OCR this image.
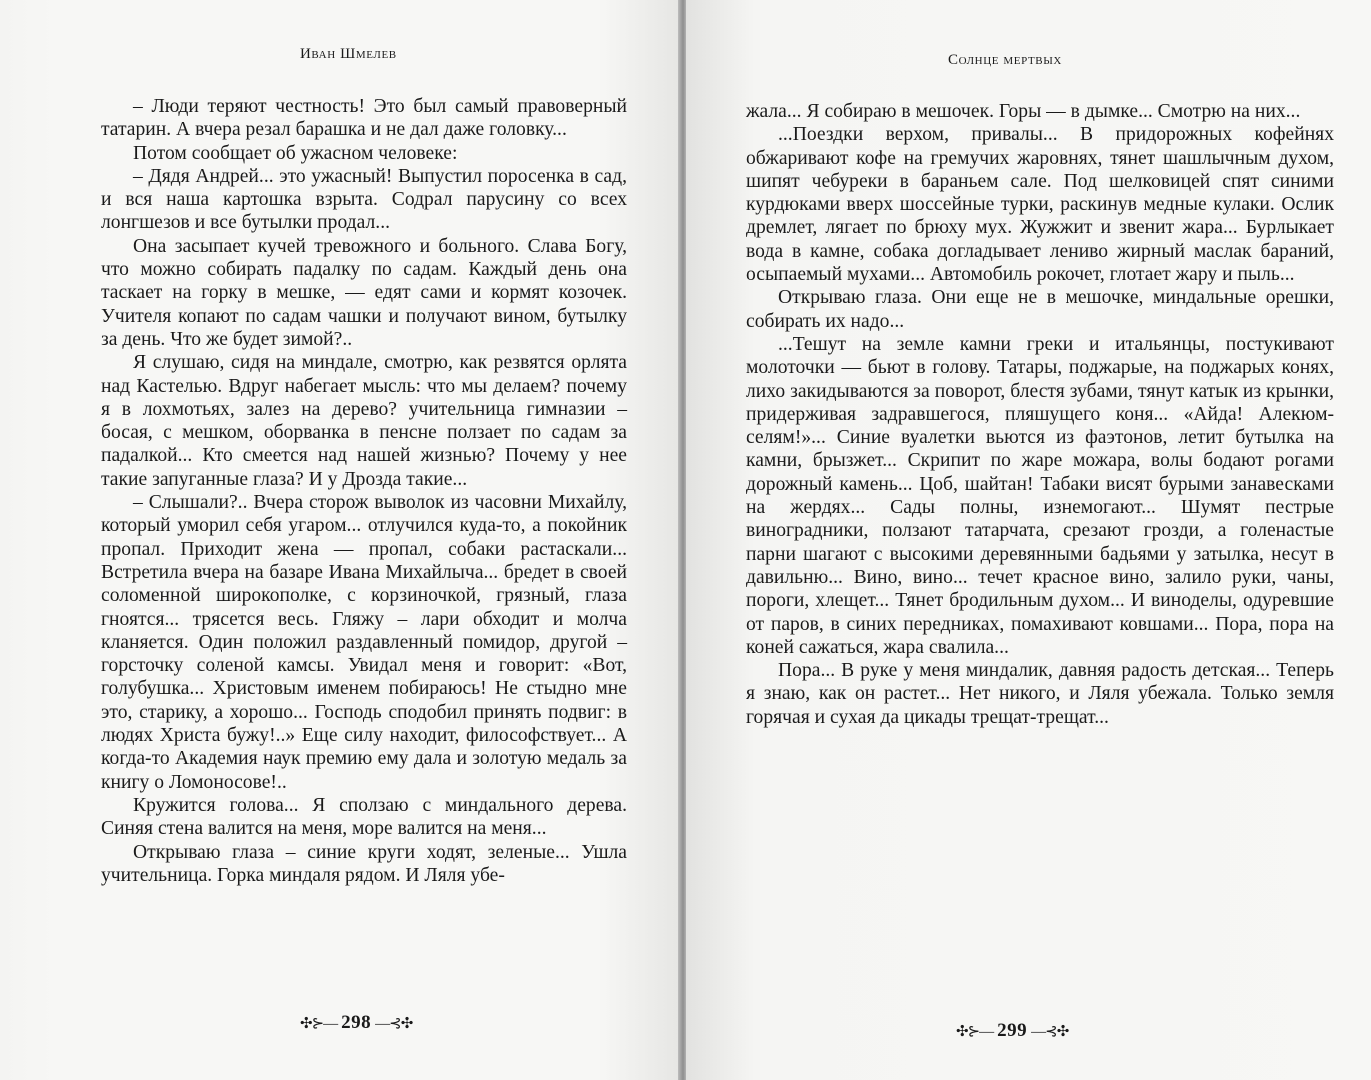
Иван Шмелев

– Люди теряют честность! Это был самый правоверный татарин. А вчера резал барашка и не дал даже головку...

Потом сообщает об ужасном человеке:

– Дядя Андрей... это ужасный! Выпустил поросенка в сад, и вся наша картошка взрыта. Содрал парусину со всех лонгшезов и все бутылки продал...

Она засыпает кучей тревожного и больного. Слава Богу, что можно собирать падалку по садам. Каждый день она таскает на горку в мешке, — едят сами и кормят козочек. Учителя копают по садам чашки и получают вином, бутылку за день. Что же будет зимой?..

Я слушаю, сидя на миндале, смотрю, как резвятся орлята над Кастелью. Вдруг набегает мысль: что мы делаем? почему я в лохмотьях, залез на дерево? учительница гимназии – босая, с мешком, оборванка в пенсне ползает по садам за падалкой... Кто смеется над нашей жизнью? Почему у нее такие запуганные глаза? И у Дрозда такие...

– Слышали?.. Вчера сторож выволок из часовни Михайлу, который уморил себя угаром... отлучился куда-то, а покойник пропал. Приходит жена — пропал, собаки растаскали... Встретила вчера на базаре Ивана Михайлыча... бредет в своей соломенной широкополке, с корзиночкой, грязный, глаза гноятся... трясется весь. Гляжу – лари обходит и молча кланяется. Один положил раздавленный помидор, другой – горсточку соленой камсы. Увидал меня и говорит: «Вот, голубушка... Христовым именем побираюсь! Не стыдно мне это, старику, а хорошо... Господь сподобил принять подвиг: в людях Христа бужу!..» Еще силу находит, философствует... А когда-то Академия наук премию ему дала и золотую медаль за книгу о Ломоносове!..

Кружится голова... Я сползаю с миндального дерева. Синяя стена валится на меня, море валится на меня...

Открываю глаза – синие круги ходят, зеленые... Ушла учительница. Горка миндаля рядом. И Ляля убе-

✣⊱— 298 —⊰✣
Солнце мертвых

жала... Я собираю в мешочек. Горы — в дымке... Смотрю на них...

...Поездки верхом, привалы... В придорожных кофейнях обжаривают кофе на гремучих жаровнях, тянет шашлычным духом, шипят чебуреки в бараньем сале. Под шелковицей спят синими курдюками вверх шоссейные турки, раскинув медные кулаки. Ослик дремлет, лягает по брюху мух. Жужжит и звенит жара... Бурлыкает вода в камне, собака догладывает лениво жирный маслак бараний, осыпаемый мухами... Автомобиль рокочет, глотает жару и пыль...

Открываю глаза. Они еще не в мешочке, миндальные орешки, собирать их надо...

...Тешут на земле камни греки и итальянцы, постукивают молоточки — бьют в голову. Татары, поджарые, на поджарых конях, лихо закидываются за поворот, блестя зубами, тянут катык из крынки, придерживая задравшегося, пляшущего коня... «Айда! Алекюм-селям!»... Синие вуалетки вьются из фаэтонов, летит бутылка на камни, брызжет... Скрипит по жаре можара, волы бодают рогами дорожный камень... Цоб, шайтан! Табаки висят бурыми занавесками на жердях... Сады полны, изнемогают... Шумят пестрые виноградники, ползают татарчата, срезают грозди, а голенастые парни шагают с высокими деревянными бадьями у затылка, несут в давильню... Вино, вино... течет красное вино, залило руки, чаны, пороги, хлещет... Тянет бродильным духом... И виноделы, одуревшие от паров, в синих передниках, помахивают ковшами... Пора, пора на коней сажаться, жара свалила...

Пора... В руке у меня миндалик, давняя радость детская... Теперь я знаю, как он растет... Нет никого, и Ляля убежала. Только земля горячая и сухая да цикады трещат-трещат...

✣⊱— 299 —⊰✣
